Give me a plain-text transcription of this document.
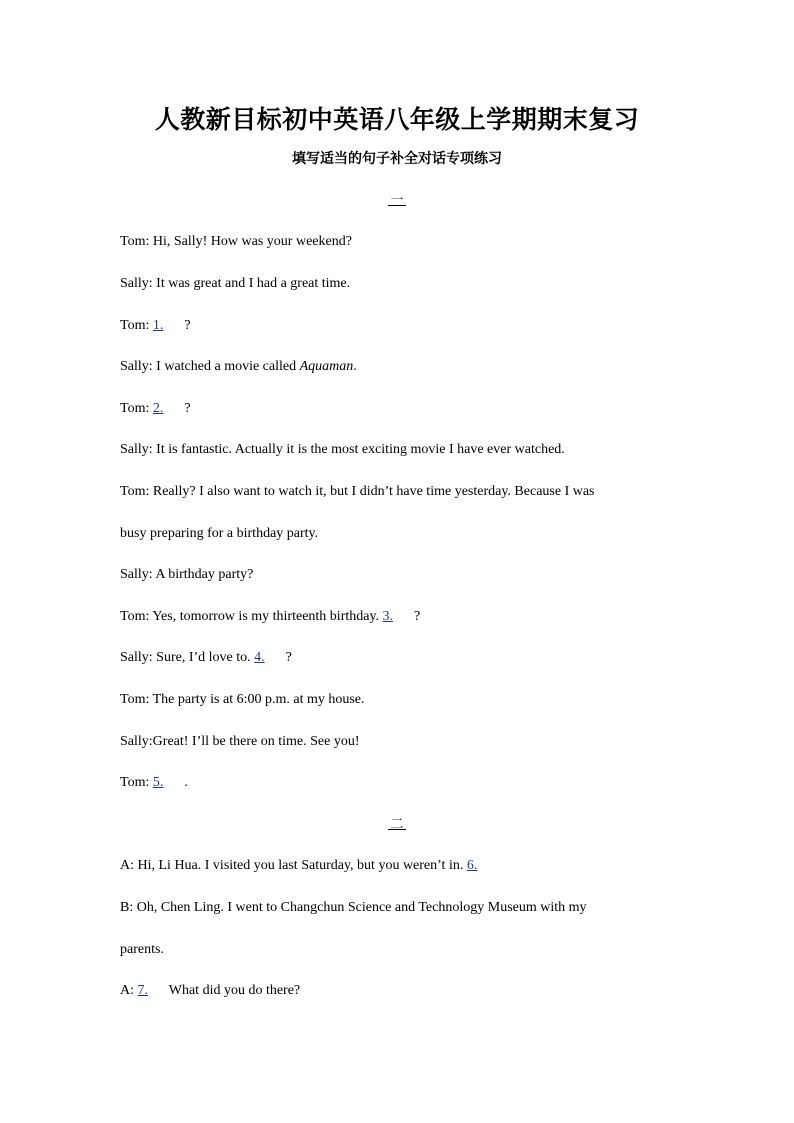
人教新目标初中英语八年级上学期期末复习
填写适当的句子补全对话专项练习
一
Tom: Hi, Sally! How was your weekend?
Sally: It was great and I had a great time.
Tom: 1. ?
Sally: I watched a movie called Aquaman.
Tom: 2. ?
Sally: It is fantastic. Actually it is the most exciting movie I have ever watched.
Tom: Really? I also want to watch it, but I didn’t have time yesterday. Because I was
busy preparing for a birthday party.
Sally: A birthday party?
Tom: Yes, tomorrow is my thirteenth birthday. 3. ?
Sally: Sure, I’d love to. 4. ?
Tom: The party is at 6:00 p.m. at my house.
Sally:Great! I’ll be there on time. See you!
Tom: 5. .
二
A: Hi, Li Hua. I visited you last Saturday, but you weren’t in. 6.
B: Oh, Chen Ling. I went to Changchun Science and Technology Museum with my
parents.
A: 7. What did you do there?
